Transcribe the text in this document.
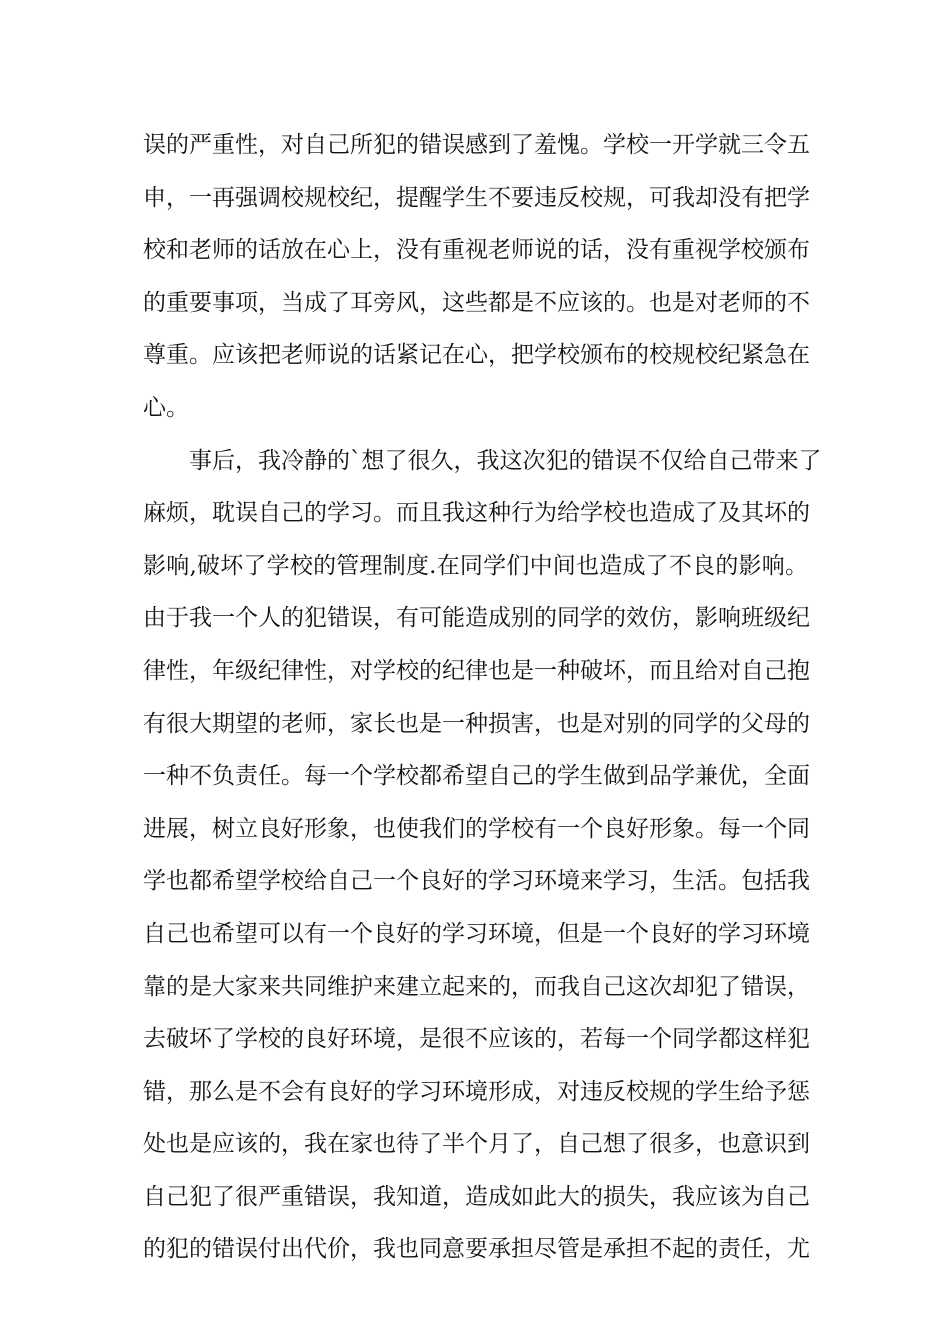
误的严重性，对自己所犯的错误感到了羞愧。学校一开学就三令五
申，一再强调校规校纪，提醒学生不要违反校规，可我却没有把学
校和老师的话放在心上，没有重视老师说的话，没有重视学校颁布
的重要事项，当成了耳旁风，这些都是不应该的。也是对老师的不
尊重。应该把老师说的话紧记在心，把学校颁布的校规校纪紧急在
心。
事后，我冷静的`想了很久，我这次犯的错误不仅给自己带来了
麻烦，耽误自己的学习。而且我这种行为给学校也造成了及其坏的
影响,破坏了学校的管理制度.在同学们中间也造成了不良的影响。
由于我一个人的犯错误，有可能造成别的同学的效仿，影响班级纪
律性，年级纪律性，对学校的纪律也是一种破坏，而且给对自己抱
有很大期望的老师，家长也是一种损害，也是对别的同学的父母的
一种不负责任。每一个学校都希望自己的学生做到品学兼优，全面
进展，树立良好形象，也使我们的学校有一个良好形象。每一个同
学也都希望学校给自己一个良好的学习环境来学习，生活。包括我
自己也希望可以有一个良好的学习环境，但是一个良好的学习环境
靠的是大家来共同维护来建立起来的，而我自己这次却犯了错误，
去破坏了学校的良好环境，是很不应该的，若每一个同学都这样犯
错，那么是不会有良好的学习环境形成，对违反校规的学生给予惩
处也是应该的，我在家也待了半个月了，自己想了很多，也意识到
自己犯了很严重错误，我知道，造成如此大的损失，我应该为自己
的犯的错误付出代价，我也同意要承担尽管是承担不起的责任，尤
